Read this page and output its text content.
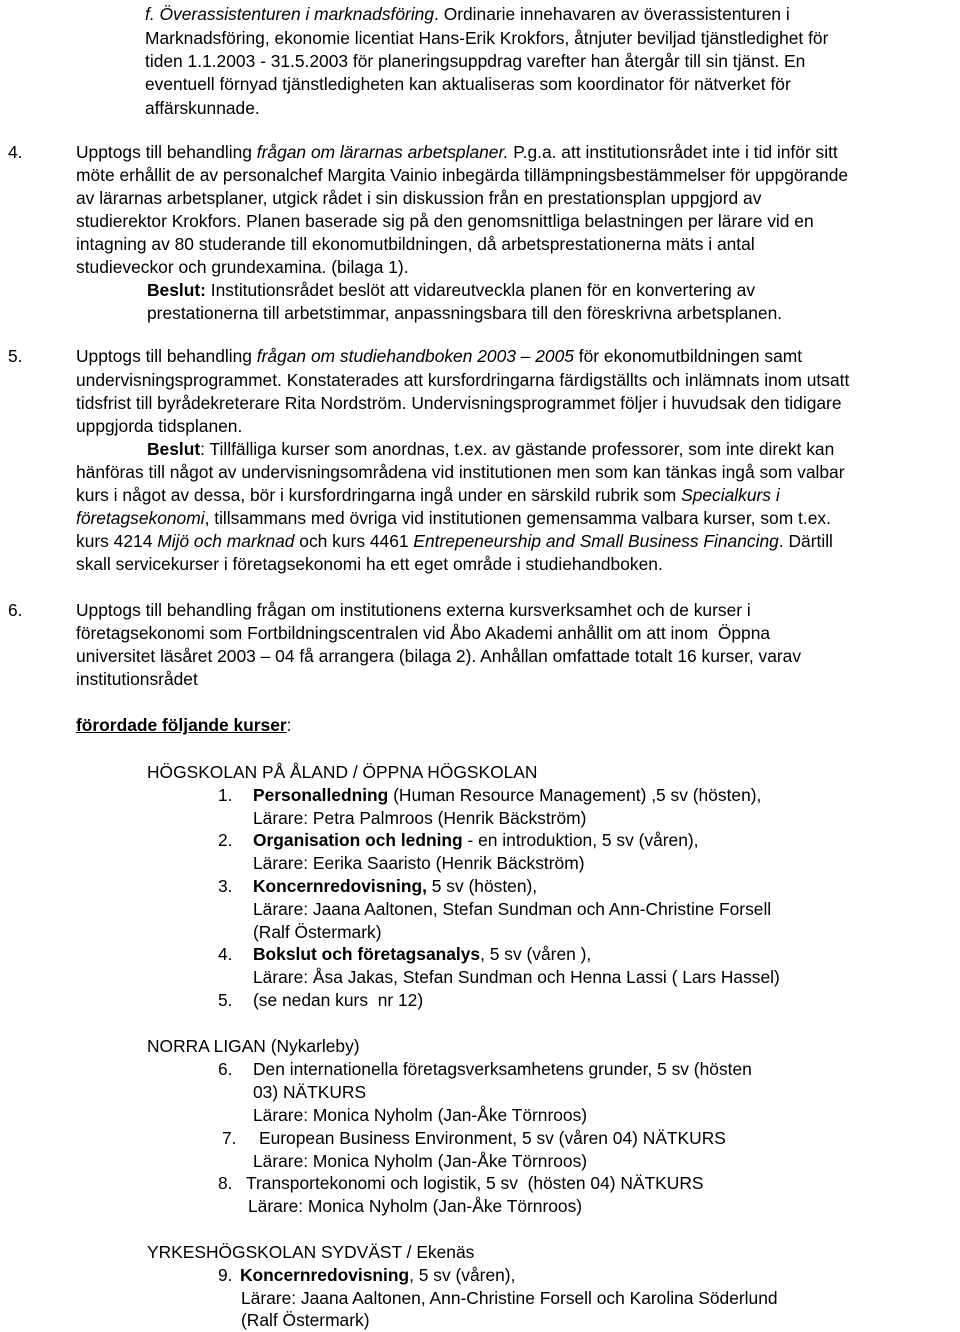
f. Överassistenturen i marknadsföring. Ordinarie innehavaren av överassistenturen i
Marknadsföring, ekonomie licentiat Hans-Erik Krokfors, åtnjuter beviljad tjänstledighet för
tiden 1.1.2003 - 31.5.2003 för planeringsuppdrag varefter han återgår till sin tjänst. En
eventuell förnyad tjänstledigheten kan aktualiseras som koordinator för nätverket för
affärskunnade.
4.	Upptogs till behandling frågan om lärarnas arbetsplaner. P.g.a. att institutionsrådet inte i tid inför sitt
möte erhållit de av personalchef Margita Vainio inbegärda tillämpningsbestämmelser för uppgörande
av lärarnas arbetsplaner, utgick rådet i sin diskussion från en prestationsplan uppgjord av
studierektor Krokfors. Planen baserade sig på den genomsnittliga belastningen per lärare vid en
intagning av 80 studerande till ekonomutbildningen, då arbetsprestationerna mäts i antal
studieveckor och grundexamina. (bilaga 1).
Beslut: Institutionsrådet beslöt att vidareutveckla planen för en konvertering av
prestationerna till arbetstimmar, anpassningsbara till den föreskrivna arbetsplanen.
5.	Upptogs till behandling frågan om studiehandboken 2003 – 2005 för ekonomutbildningen samt
undervisningsprogrammet. Konstaterades att kursfordringarna färdigställts och inlämnats inom utsatt
tidsfrist till byrådekreterare Rita Nordström. Undervisningsprogrammet följer i huvudsak den tidigare
uppgjorda tidsplanen.
Beslut: Tillfälliga kurser som anordnas, t.ex. av gästande professorer, som inte direkt kan
hänföras till något av undervisningsområdena vid institutionen men som kan tänkas ingå som valbar
kurs i något av dessa, bör i kursfordringarna ingå under en särskild rubrik som Specialkurs i
företagsekonomi, tillsammans med övriga vid institutionen gemensamma valbara kurser, som t.ex.
kurs 4214 Mijö och marknad och kurs 4461 Entrepeneurship and Small Business Financing. Därtill
skall servicekurser i företagsekonomi ha ett eget område i studiehandboken.
6.	Upptogs till behandling frågan om institutionens externa kursverksamhet och de kurser i
företagsekonomi som Fortbildningscentralen vid Åbo Akademi anhållit om att inom  Öppna
universitet läsåret 2003 – 04 få arrangera (bilaga 2). Anhållan omfattade totalt 16 kurser, varav
institutionsrådet
förordade följande kurser:
HÖGSKOLAN PÅ ÅLAND / ÖPPNA HÖGSKOLAN
1. Personalledning (Human Resource Management) ,5 sv (hösten),
Lärare: Petra Palmroos (Henrik Bäckström)
2. Organisation och ledning - en introduktion, 5 sv (våren),
Lärare: Eerika Saaristo (Henrik Bäckström)
3. Koncernredovisning, 5 sv (hösten),
Lärare: Jaana Aaltonen, Stefan Sundman och Ann-Christine Forsell
(Ralf Östermark)
4. Bokslut och företagsanalys, 5 sv (våren ),
Lärare: Åsa Jakas, Stefan Sundman och Henna Lassi ( Lars Hassel)
5. (se nedan kurs  nr 12)
NORRA LIGAN (Nykarleby)
6. Den internationella företagsverksamhetens grunder, 5 sv (hösten
03) NÄTKURS
Lärare: Monica Nyholm (Jan-Åke Törnroos)
7. European Business Environment, 5 sv (våren 04) NÄTKURS
Lärare: Monica Nyholm (Jan-Åke Törnroos)
8. Transportekonomi och logistik, 5 sv  (hösten 04) NÄTKURS
Lärare: Monica Nyholm (Jan-Åke Törnroos)
YRKESHÖGSKOLAN SYDVÄST / Ekenäs
9. Koncernredovisning, 5 sv (våren),
Lärare: Jaana Aaltonen, Ann-Christine Forsell och Karolina Söderlund
(Ralf Östermark)
